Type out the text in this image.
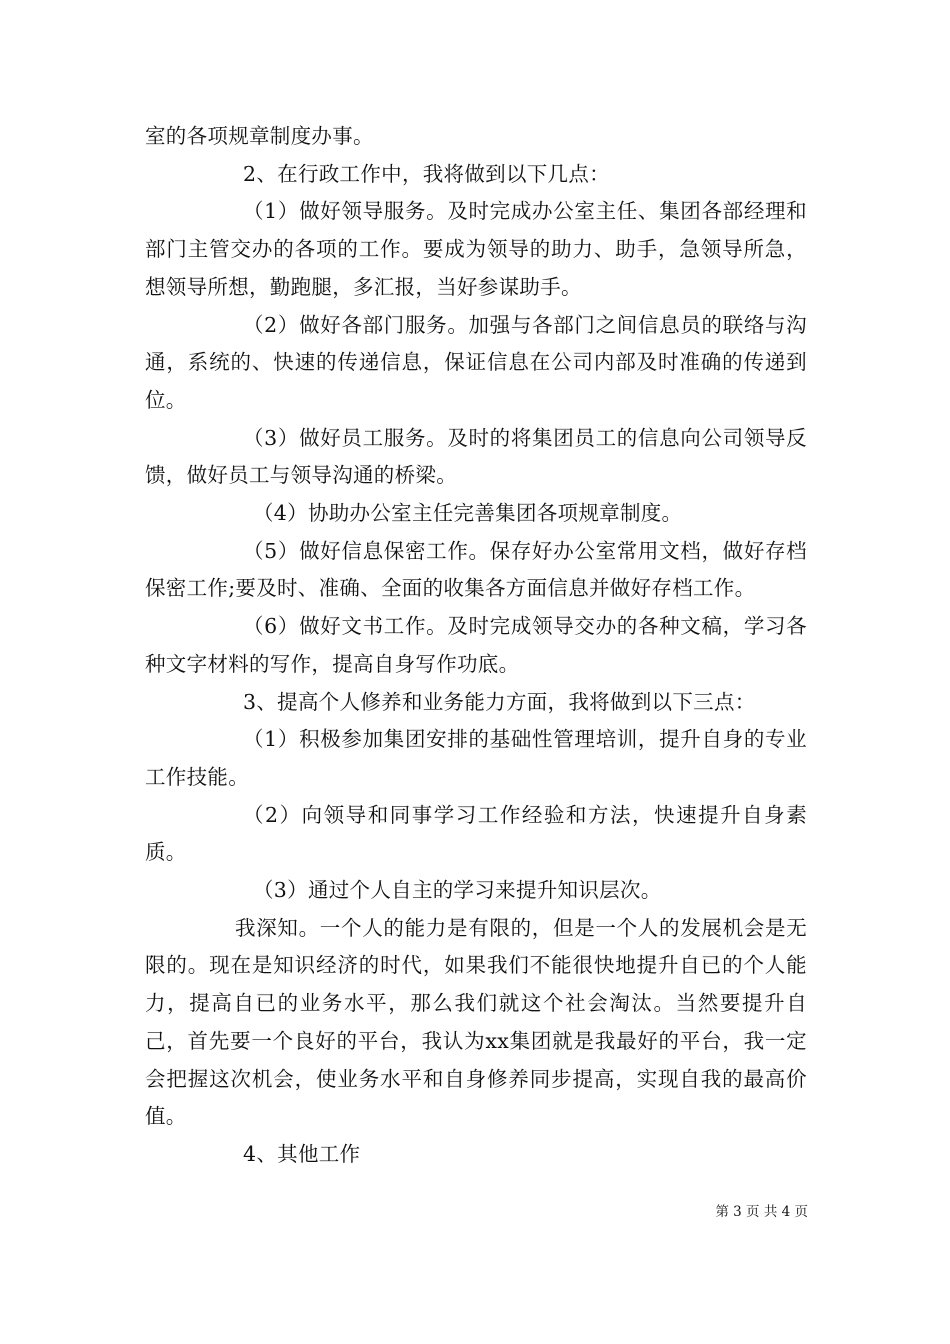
室的各项规章制度办事。

2、在行政工作中，我将做到以下几点：

（1）做好领导服务。及时完成办公室主任、集团各部经理和部门主管交办的各项的工作。要成为领导的助力、助手，急领导所急，想领导所想，勤跑腿，多汇报，当好参谋助手。

（2）做好各部门服务。加强与各部门之间信息员的联络与沟通，系统的、快速的传递信息，保证信息在公司内部及时准确的传递到位。

（3）做好员工服务。及时的将集团员工的信息向公司领导反馈，做好员工与领导沟通的桥梁。

（4）协助办公室主任完善集团各项规章制度。

（5）做好信息保密工作。保存好办公室常用文档，做好存档保密工作;要及时、准确、全面的收集各方面信息并做好存档工作。

（6）做好文书工作。及时完成领导交办的各种文稿，学习各种文字材料的写作，提高自身写作功底。

3、提高个人修养和业务能力方面，我将做到以下三点：

（1）积极参加集团安排的基础性管理培训，提升自身的专业工作技能。

（2）向领导和同事学习工作经验和方法，快速提升自身素质。

（3）通过个人自主的学习来提升知识层次。

我深知。一个人的能力是有限的，但是一个人的发展机会是无限的。现在是知识经济的时代，如果我们不能很快地提升自已的个人能力，提高自已的业务水平，那么我们就这个社会淘汰。当然要提升自己，首先要一个良好的平台，我认为xx集团就是我最好的平台，我一定会把握这次机会，使业务水平和自身修养同步提高，实现自我的最高价值。

4、其他工作

第 3 页 共 4 页
